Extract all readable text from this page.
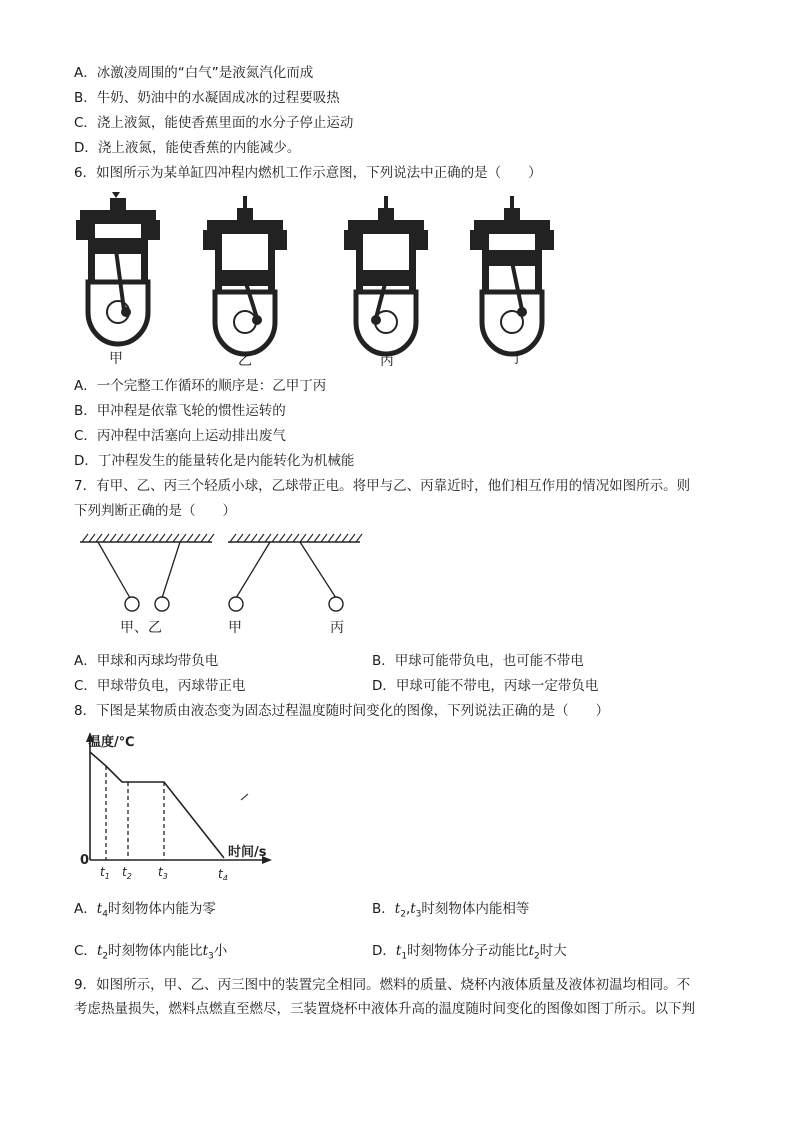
A．冰激凌周围的“白气”是液氮汽化而成
B．牛奶、奶油中的水凝固成冰的过程要吸热
C．浇上液氮，能使香蕉里面的水分子停止运动
D．浇上液氮，能使香蕉的内能减少。
6．如图所示为某单缸四冲程内燃机工作示意图，下列说法中正确的是（　　）
甲	乙	丙	丁
A．一个完整工作循环的顺序是：乙甲丁丙
B．甲冲程是依靠飞轮的惯性运转的
C．丙冲程中活塞向上运动排出废气
D．丁冲程发生的能量转化是内能转化为机械能
7．有甲、乙、丙三个轻质小球，乙球带正电。将甲与乙、丙靠近时，他们相互作用的情况如图所示。则
下列判断正确的是（　　）
甲、乙	甲	丙
A．甲球和丙球均带负电	B．甲球可能带负电，也可能不带电
C．甲球带负电，丙球带正电	D．甲球可能不带电，丙球一定带负电
8．下图是某物质由液态变为固态过程温度随时间变化的图像，下列说法正确的是（　　）
温度/℃
0
时间/s
$t_1$ $t_2$ $t_3$	$t_4$
A．$t_4$时刻物体内能为零	B．$t_2,t_3$时刻物体内能相等
C．$t_2$时刻物体内能比$t_3$小	D．$t_1$时刻物体分子动能比$t_2$时大
9．如图所示，甲、乙、丙三图中的装置完全相同。燃料的质量、烧杯内液体质量及液体初温均相同。不
考虑热量损失，燃料点燃直至燃尽，三装置烧杯中液体升高的温度随时间变化的图像如图丁所示。以下判
